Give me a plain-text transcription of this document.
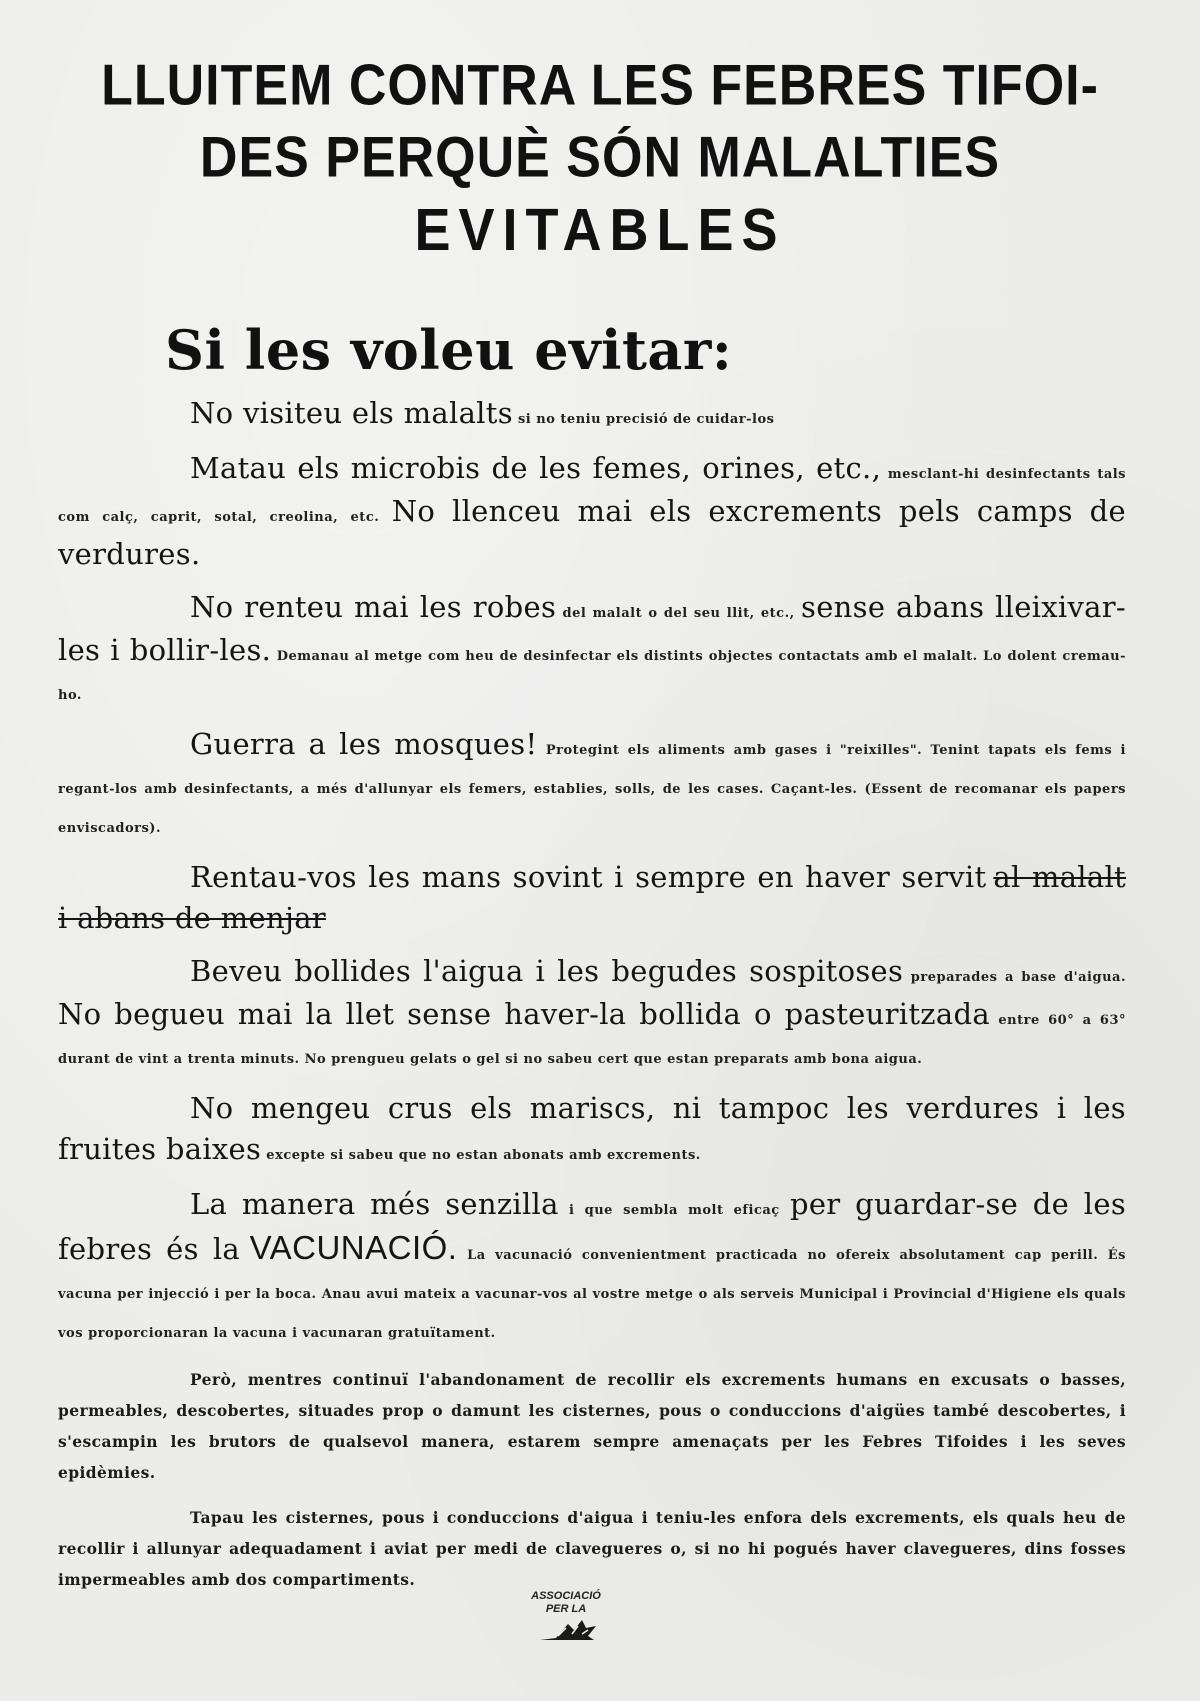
LLUITEM CONTRA LES FEBRES TIFOI-
DES PERQUÈ SÓN MALALTIES
EVITABLES
Si les voleu evitar:

No visiteu els malalts si no teniu precisió de cuidar-los

Matau els microbis de les femes, orines, etc., mesclant-hi desinfectants tals com calç, caprit, sotal, creolina, etc. No llenceu mai els excrements pels camps de verdures.

No renteu mai les robes del malalt o del seu llit, etc., sense abans lleixivar-les i bollir-les. Demanau al metge com heu de desinfectar els distints objectes contactats amb el malalt. Lo dolent cremau-ho.

Guerra a les mosques! Protegint els aliments amb gases i "reixilles". Tenint tapats els fems i regant-los amb desinfectants, a més d'allunyar els femers, establies, solls, de les cases. Caçant-les. (Essent de recomanar els papers enviscadors).

Rentau-vos les mans sovint i sempre en haver servit al malalt i abans de menjar

Beveu bollides l'aigua i les begudes sospitoses preparades a base d'aigua. No begueu mai la llet sense haver-la bollida o pasteuritzada entre 60° a 63° durant de vint a trenta minuts. No prengueu gelats o gel si no sabeu cert que estan preparats amb bona aigua.

No mengeu crus els mariscs, ni tampoc les verdures i les fruites baixes excepte si sabeu que no estan abonats amb excrements.

La manera més senzilla i que sembla molt eficaç per guardar-se de les febres és la VACUNACIÓ. La vacunació convenientment practicada no ofereix absolutament cap perill. És vacuna per injecció i per la boca. Anau avui mateix a vacunar-vos al vostre metge o als serveis Municipal i Provincial d'Higiene els quals vos proporcionaran la vacuna i vacunaran gratuïtament.

Però, mentres continuï l'abandonament de recollir els excrements humans en excusats o basses, permeables, descobertes, situades prop o damunt les cisternes, pous o conduccions d'aigües també descobertes, i s'escampin les brutors de qualsevol manera, estarem sempre amenaçats per les Febres Tifoides i les seves epidèmies.

Tapau les cisternes, pous i conduccions d'aigua i teniu-les enfora dels excrements, els quals heu de recollir i allunyar adequadament i aviat per medi de clavegueres o, si no hi pogués haver clavegueres, dins fosses impermeables amb dos compartiments.

ASSOCIACIÓ
PER LA
